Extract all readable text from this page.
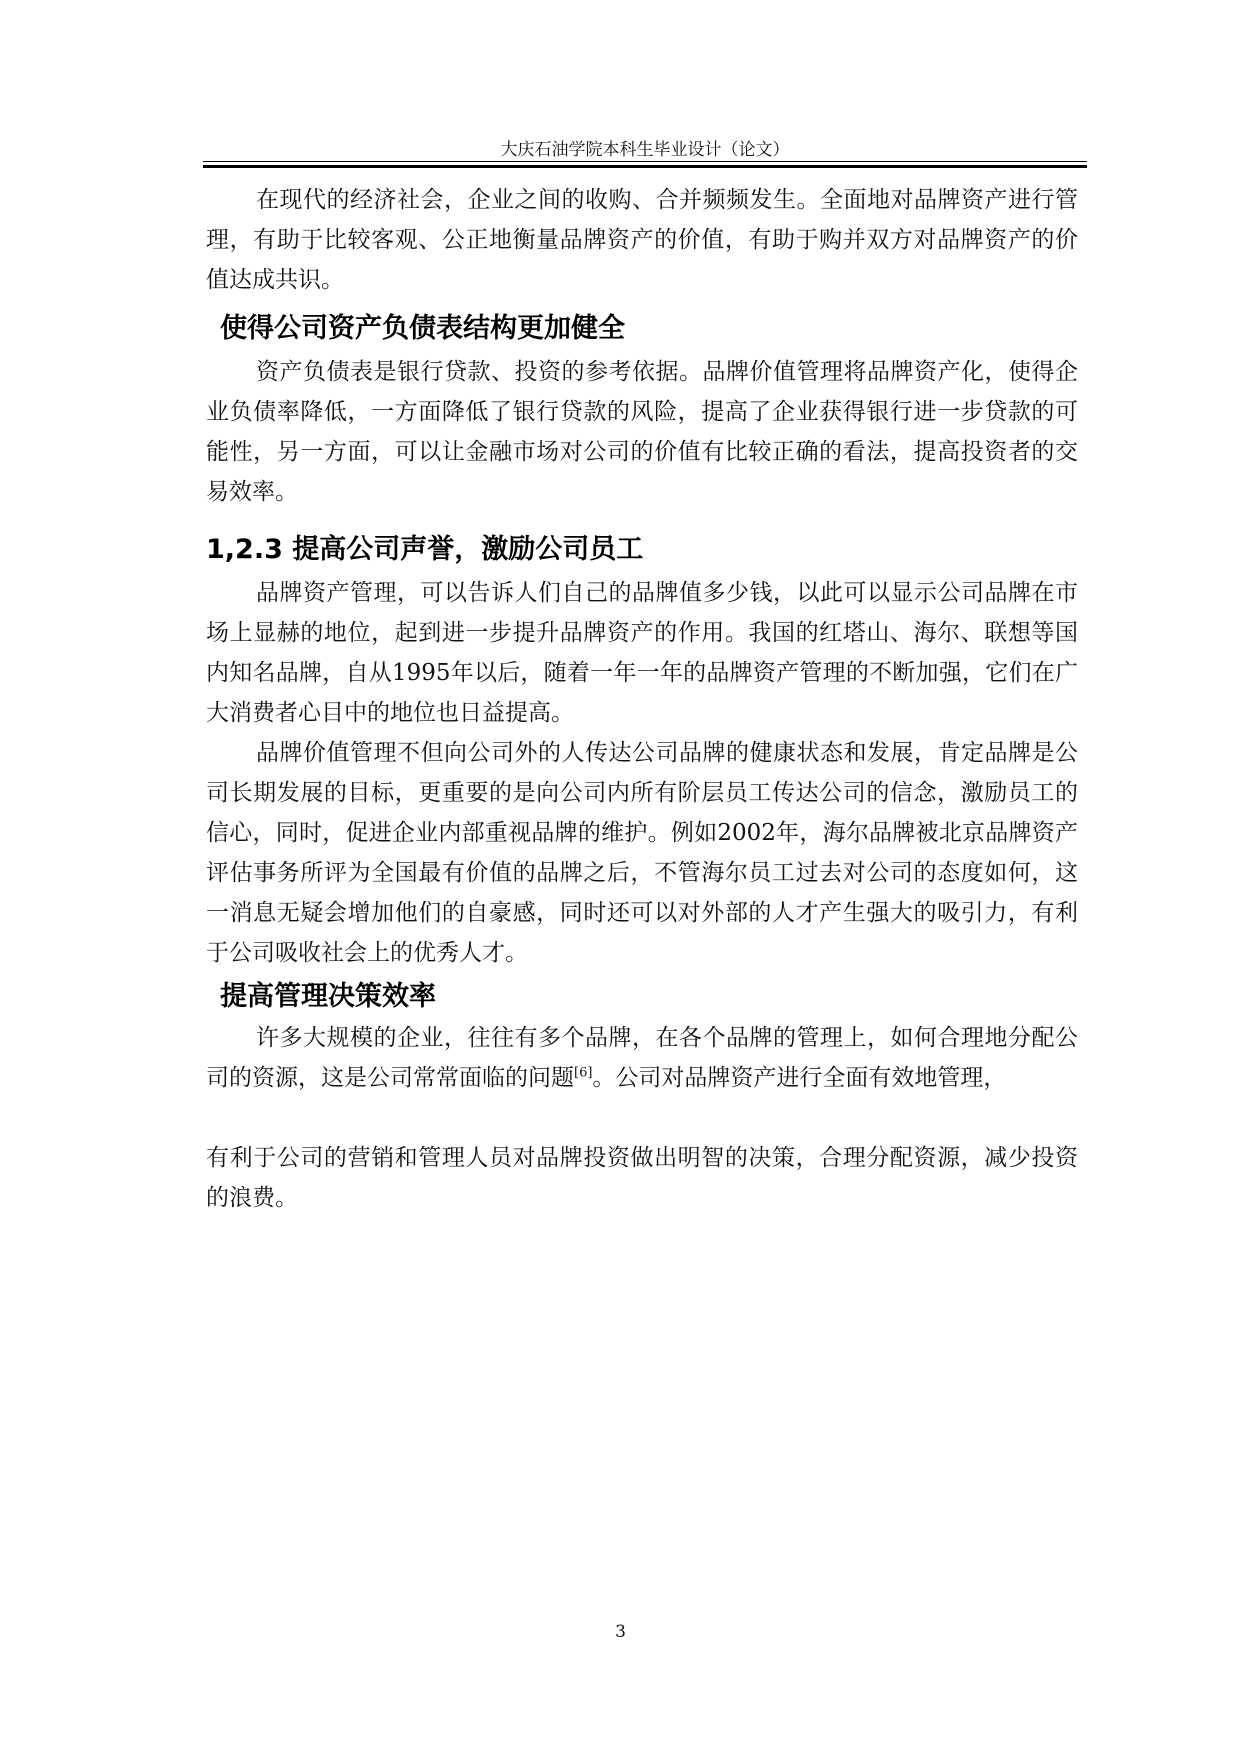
大庆石油学院本科生毕业设计（论文）

在现代的经济社会，企业之间的收购、合并频频发生。全面地对品牌资产进行管理，有助于比较客观、公正地衡量品牌资产的价值，有助于购并双方对品牌资产的价值达成共识。

使得公司资产负债表结构更加健全

资产负债表是银行贷款、投资的参考依据。品牌价值管理将品牌资产化，使得企业负债率降低，一方面降低了银行贷款的风险，提高了企业获得银行进一步贷款的可能性，另一方面，可以让金融市场对公司的价值有比较正确的看法，提高投资者的交易效率。

1,2.3 提高公司声誉，激励公司员工

品牌资产管理，可以告诉人们自己的品牌值多少钱，以此可以显示公司品牌在市场上显赫的地位，起到进一步提升品牌资产的作用。我国的红塔山、海尔、联想等国内知名品牌，自从1995年以后，随着一年一年的品牌资产管理的不断加强，它们在广大消费者心目中的地位也日益提高。

品牌价值管理不但向公司外的人传达公司品牌的健康状态和发展，肯定品牌是公司长期发展的目标，更重要的是向公司内所有阶层员工传达公司的信念，激励员工的信心，同时，促进企业内部重视品牌的维护。例如2002年，海尔品牌被北京品牌资产评估事务所评为全国最有价值的品牌之后，不管海尔员工过去对公司的态度如何，这一消息无疑会增加他们的自豪感，同时还可以对外部的人才产生强大的吸引力，有利于公司吸收社会上的优秀人才。

提高管理决策效率

许多大规模的企业，往往有多个品牌，在各个品牌的管理上，如何合理地分配公司的资源，这是公司常常面临的问题[6]。公司对品牌资产进行全面有效地管理，

有利于公司的营销和管理人员对品牌投资做出明智的决策，合理分配资源，减少投资的浪费。

3
